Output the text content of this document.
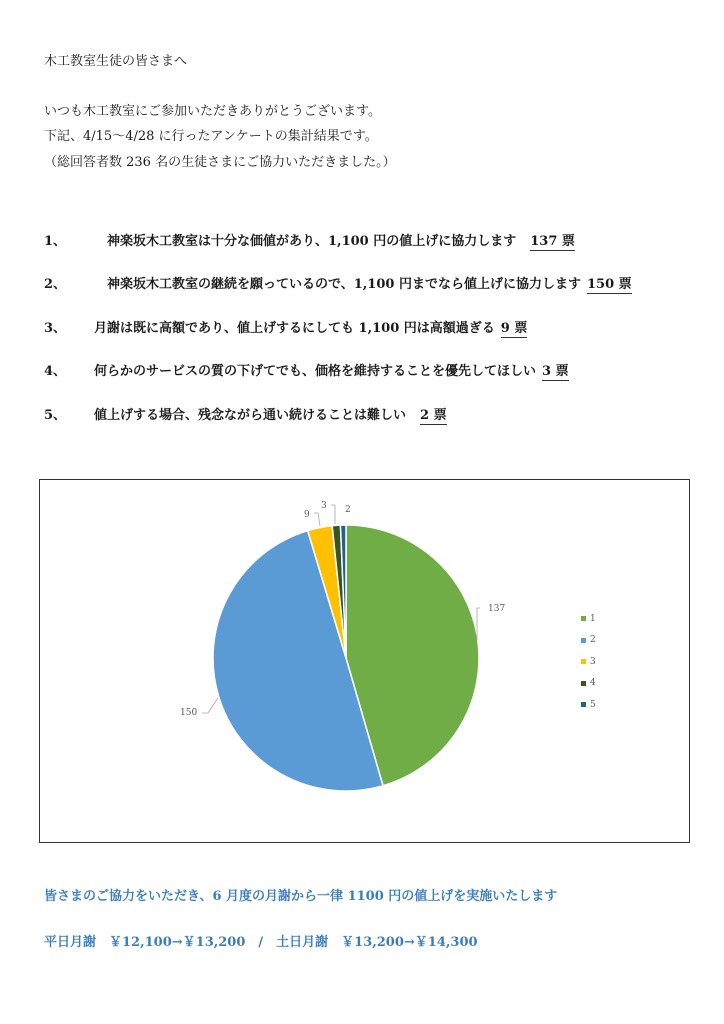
木工教室生徒の皆さまへ
いつも木工教室にご参加いただきありがとうございます。
下記、4/15〜4/28 に行ったアンケートの集計結果です。
（総回答者数 236 名の生徒さまにご協力いただきました。）
1、　神楽坂木工教室は十分な価値があり、1,100 円の値上げに協力します 137 票
2、　神楽坂木工教室の継続を願っているので、1,100 円までなら値上げに協力します 150 票
3、 月謝は既に高額であり、値上げするにしても 1,100 円は高額過ぎる 9 票
4、 何らかのサービスの質の下げてでも、価格を維持することを優先してほしい 3 票
5、 値上げする場合、残念ながら通い続けることは難しい 2 票
137
150
9
3 2
1
2
3
4
5
皆さまのご協力をいただき、6 月度の月謝から一律 1100 円の値上げを実施いたします
平日月謝　￥12,100→￥13,200　/　土日月謝　￥13,200→￥14,300
